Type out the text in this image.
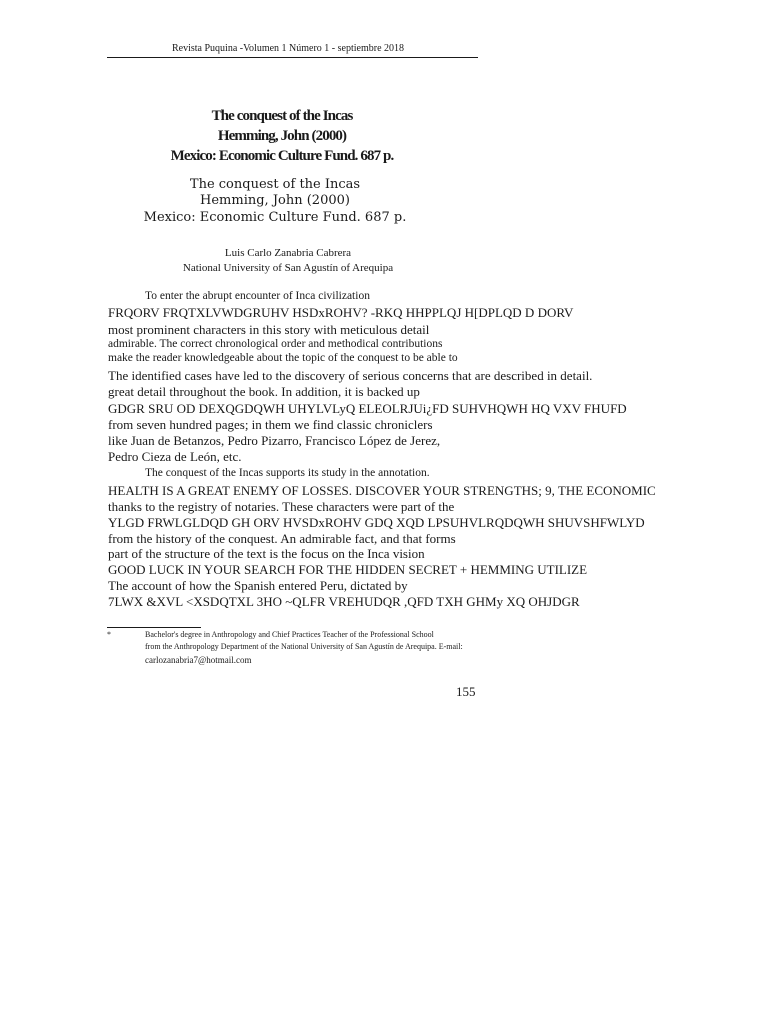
Revista Puquina -Volumen 1 Número 1 - septiembre 2018
The conquest of the Incas
Hemming, John (2000)
Mexico: Economic Culture Fund. 687 p.
The conquest of the Incas
Hemming, John (2000)
Mexico: Economic Culture Fund. 687 p.
Luis Carlo Zanabria Cabrera
National University of San Agustín of Arequipa
To enter the abrupt encounter of Inca civilization
FRQORV FRQTXLVWDGRUHV HSDxROHV? -RKQ HHPPLQJ H[DPLQD D DORV
most prominent characters in this story with meticulous detail
admirable. The correct chronological order and methodical contributions
make the reader knowledgeable about the topic of the conquest to be able to
The identified cases have led to the discovery of serious concerns that are described in detail.
great detail throughout the book. In addition, it is backed up
GDGR SRU OD DEXQGDQWH UHYLVLyQ ELEOLRJUi¿FD SUHVHQWH HQ VXV FHUFD
from seven hundred pages; in them we find classic chroniclers
like Juan de Betanzos, Pedro Pizarro, Francisco López de Jerez,
Pedro Cieza de León, etc.
The conquest of the Incas supports its study in the annotation.
HEALTH IS A GREAT ENEMY OF LOSSES. DISCOVER YOUR STRENGTHS; 9, THE ECONOMIC
thanks to the registry of notaries. These characters were part of the
YLGD FRWLGLDQD GH ORV HVSDxROHV GDQ XQD LPSUHVLRQDQWH SHUVSHFWLYD
from the history of the conquest. An admirable fact, and that forms
part of the structure of the text is the focus on the Inca vision
GOOD LUCK IN YOUR SEARCH FOR THE HIDDEN SECRET + HEMMING UTILIZE
The account of how the Spanish entered Peru, dictated by
7LWX &XVL <XSDQTXL 3HO ~QLFR VREHUDQR ,QFD TXH GHMy XQ OHJDGR
*	Bachelor's degree in Anthropology and Chief Practices Teacher of the Professional School
from the Anthropology Department of the National University of San Agustín de Arequipa. E-mail:
carlozanabria7@hotmail.com
155
